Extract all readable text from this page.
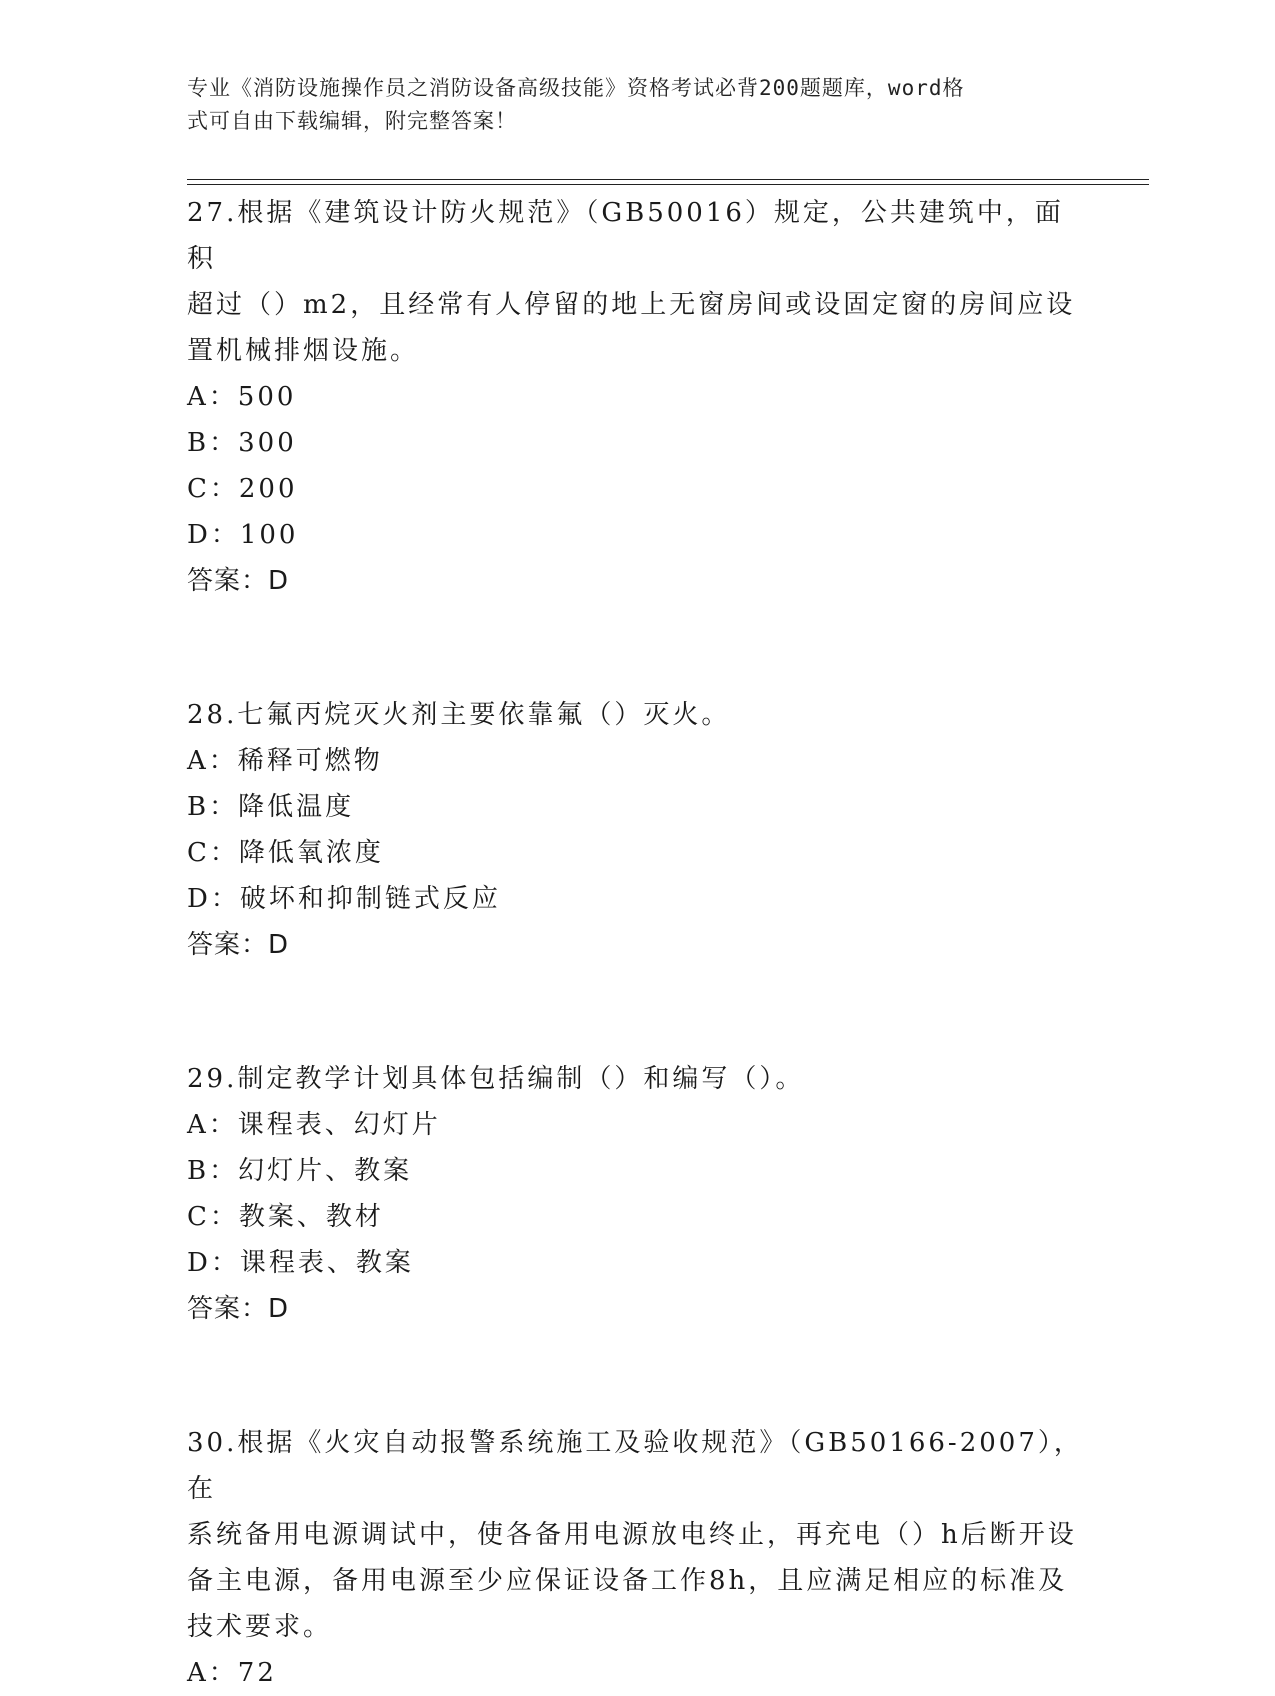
专业《消防设施操作员之消防设备高级技能》资格考试必背200题题库，word格
式可自由下载编辑，附完整答案！

27.根据《建筑设计防火规范》（GB50016）规定，公共建筑中，面积

超过（）m2，且经常有人停留的地上无窗房间或设固定窗的房间应设

置机械排烟设施。

A：500

B：300

C：200

D：100

答案：D

28.七氟丙烷灭火剂主要依靠氟（）灭火。

A：稀释可燃物

B：降低温度

C：降低氧浓度

D：破坏和抑制链式反应

答案：D

29.制定教学计划具体包括编制（）和编写（）。

A：课程表、幻灯片

B：幻灯片、教案

C：教案、教材

D：课程表、教案

答案：D

30.根据《火灾自动报警系统施工及验收规范》（GB50166-2007），在

系统备用电源调试中，使各备用电源放电终止，再充电（）h后断开设

备主电源，备用电源至少应保证设备工作8h，且应满足相应的标准及

技术要求。

A：72
